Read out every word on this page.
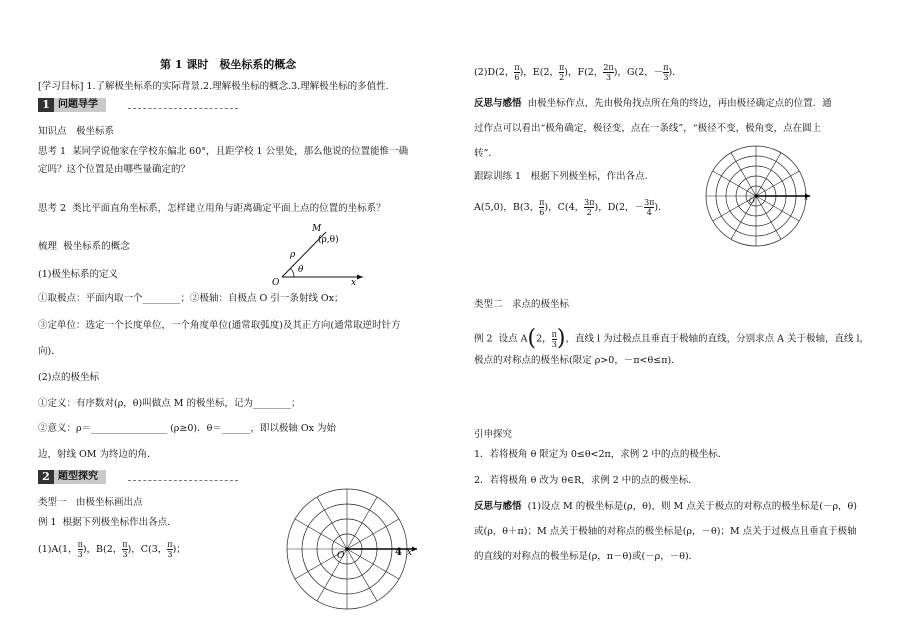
第 1 课时　极坐标系的概念
[学习目标] 1.了解极坐标系的实际背景.2.理解极坐标的概念.3.理解极坐标的多值性.
1 问题导学
知识点　极坐标系
思考 1 某同学说他家在学校东偏北 60°，且距学校 1 公里处，那么他说的位置能惟一确
定吗？这个位置是由哪些量确定的？
思考 2 类比平面直角坐标系，怎样建立用角与距离确定平面上点的位置的坐标系？
梳理 极坐标系的概念
M
(ρ,θ)
ρ
θ
O	x
(1)极坐标系的定义
①取极点：平面内取一个________；②极轴：自极点 O 引一条射线 Ox；
③定单位：选定一个长度单位，一个角度单位(通常取弧度)及其正方向(通常取逆时针方
向)．
(2)点的极坐标
①定义：有序数对(ρ，θ)叫做点 M 的极坐标，记为________；
②意义：ρ＝________________ (ρ≥0)．θ＝______，即以极轴 Ox 为始
边，射线 OM 为终边的角．
2 题型探究
类型一　由极坐标画出点
例 1 根据下列极坐标作出各点.
(1)A(1， $\frac{\pi}{3}$ )，B(2， $\frac{\pi}{3}$ )，C(3， $\frac{\pi}{3}$ )；
O	4 x
(2)D(2， $\frac{\pi}{6}$ )，E(2， $\frac{\pi}{2}$ )，F(2， $\frac{2\pi}{3}$ )，G(2，－ $\frac{\pi}{3}$ )．
反思与感悟 由极坐标作点，先由极角找点所在角的终边，再由极径确定点的位置．通
过作点可以看出“极角确定，极径变，点在一条线”，“极径不变，极角变，点在圆上
转”．
跟踪训练 1　根据下列极坐标，作出各点.
A(5,0)，B(3， $\frac{\pi}{6}$ )，C(4， $\frac{3\pi}{2}$ )，D(2，－ $\frac{3\pi}{4}$ )．
O	x
类型二　求点的极坐标
例 2 设点 A(2， $\frac{\pi}{3}$ )，直线 l 为过极点且垂直于极轴的直线，分别求点 A 关于极轴，直线 l，
极点的对称点的极坐标(限定 ρ>0，－π<θ≤π).
引申探究
1．若将极角 θ 限定为 0≤θ<2π，求例 2 中的点的极坐标．
2．若将极角 θ 改为 θ∈R，求例 2 中的点的极坐标．
反思与感悟 (1)设点 M 的极坐标是(ρ，θ)，则 M 点关于极点的对称点的极坐标是(－ρ，θ)
或(ρ，θ＋π)；M 点关于极轴的对称点的极坐标是(ρ，－θ)；M 点关于过极点且垂直于极轴
的直线的对称点的极坐标是(ρ，π－θ)或(－ρ，－θ)．
